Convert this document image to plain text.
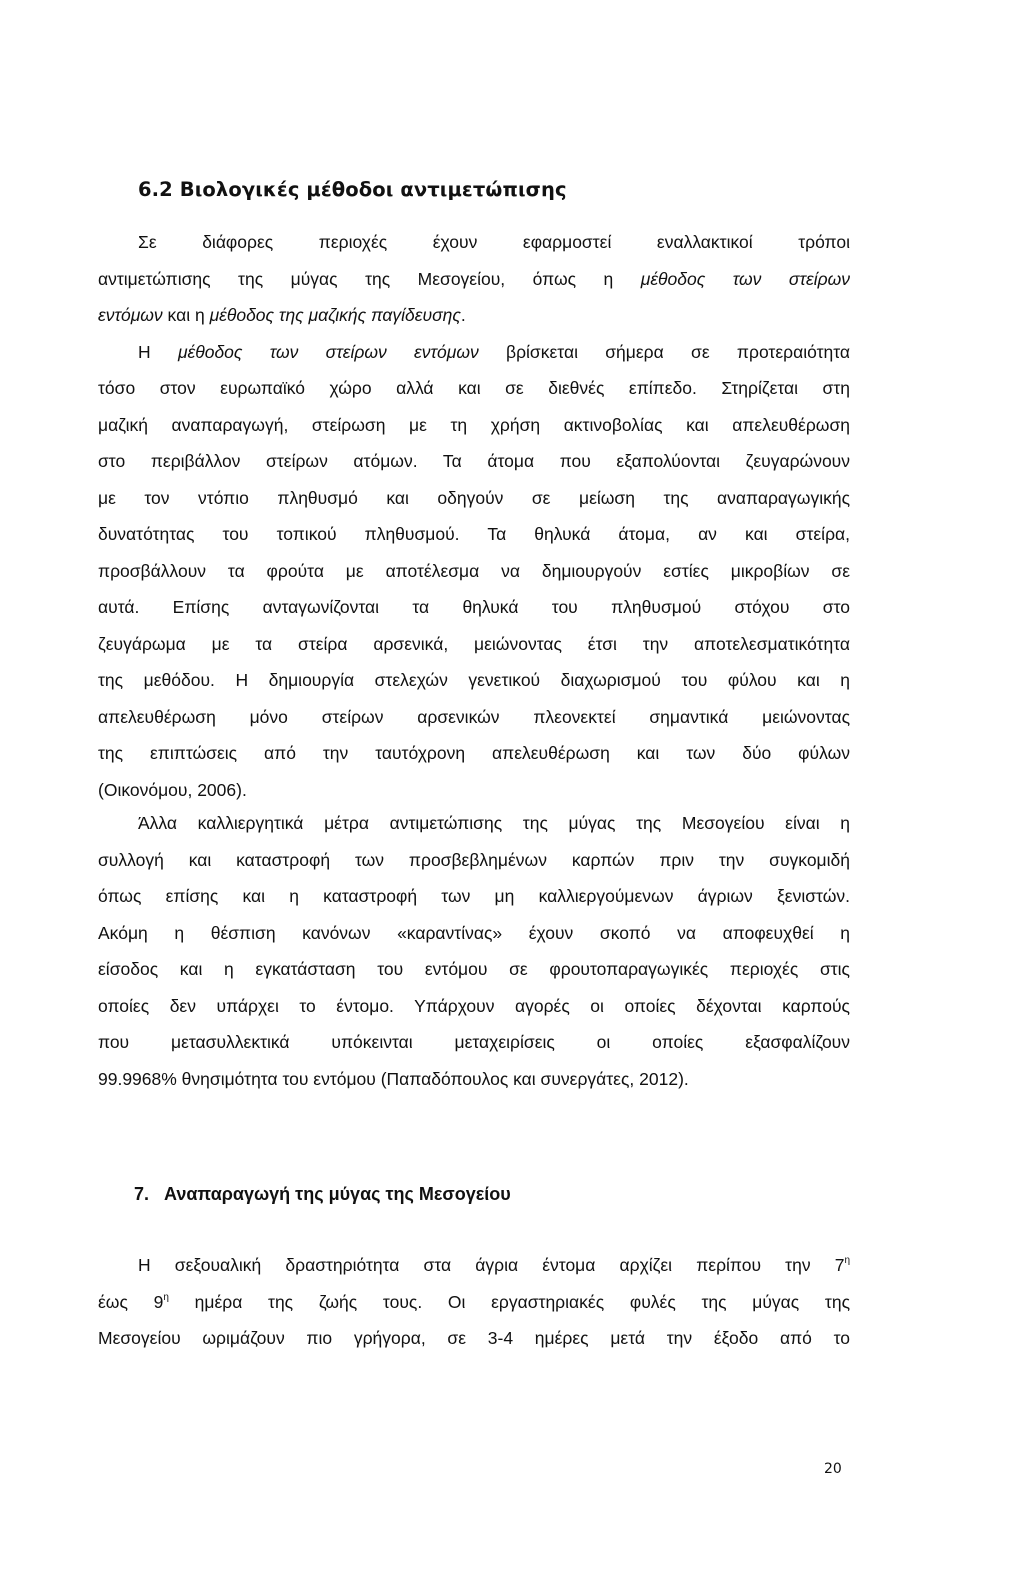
6.2 Βιολογικές μέθοδοι αντιμετώπισης
Σε διάφορες περιοχές έχουν εφαρμοστεί εναλλακτικοί τρόποι
αντιμετώπισης της μύγας της Μεσογείου, όπως η μέθοδος των στείρων
εντόμων και η μέθοδος της μαζικής παγίδευσης.
Η μέθοδος των στείρων εντόμων βρίσκεται σήμερα σε προτεραιότητα
τόσο στον ευρωπαϊκό χώρο αλλά και σε διεθνές επίπεδο. Στηρίζεται στη
μαζική αναπαραγωγή, στείρωση με τη χρήση ακτινοβολίας και απελευθέρωση
στο περιβάλλον στείρων ατόμων. Τα άτομα που εξαπολύονται ζευγαρώνουν
με τον ντόπιο πληθυσμό και οδηγούν σε μείωση της αναπαραγωγικής
δυνατότητας του τοπικού πληθυσμού. Τα θηλυκά άτομα, αν και στείρα,
προσβάλλουν τα φρούτα με αποτέλεσμα να δημιουργούν εστίες μικροβίων σε
αυτά. Επίσης ανταγωνίζονται τα θηλυκά του πληθυσμού στόχου στο
ζευγάρωμα με τα στείρα αρσενικά, μειώνοντας έτσι την αποτελεσματικότητα
της μεθόδου. Η δημιουργία στελεχών γενετικού διαχωρισμού του φύλου και η
απελευθέρωση μόνο στείρων αρσενικών πλεονεκτεί σημαντικά μειώνοντας
της επιπτώσεις από την ταυτόχρονη απελευθέρωση και των δύο φύλων
(Οικονόμου, 2006).
Άλλα καλλιεργητικά μέτρα αντιμετώπισης της μύγας της Μεσογείου είναι η
συλλογή και καταστροφή των προσβεβλημένων καρπών πριν την συγκομιδή
όπως επίσης και η καταστροφή των μη καλλιεργούμενων άγριων ξενιστών.
Ακόμη η θέσπιση κανόνων «καραντίνας» έχουν σκοπό να αποφευχθεί η
είσοδος και η εγκατάσταση του εντόμου σε φρουτοπαραγωγικές περιοχές στις
οποίες δεν υπάρχει το έντομο. Υπάρχουν αγορές οι οποίες δέχονται καρπούς
που μετασυλλεκτικά υπόκεινται μεταχειρίσεις οι οποίες εξασφαλίζουν
99.9968% θνησιμότητα του εντόμου (Παπαδόπουλος και συνεργάτες, 2012).
7. Αναπαραγωγή της μύγας της Μεσογείου
Η σεξουαλική δραστηριότητα στα άγρια έντομα αρχίζει περίπου την $7^\eta$
έως $9^\eta$ ημέρα της ζωής τους. Οι εργαστηριακές φυλές της μύγας της
Μεσογείου ωριμάζουν πιο γρήγορα, σε 3-4 ημέρες μετά την έξοδο από το
20
